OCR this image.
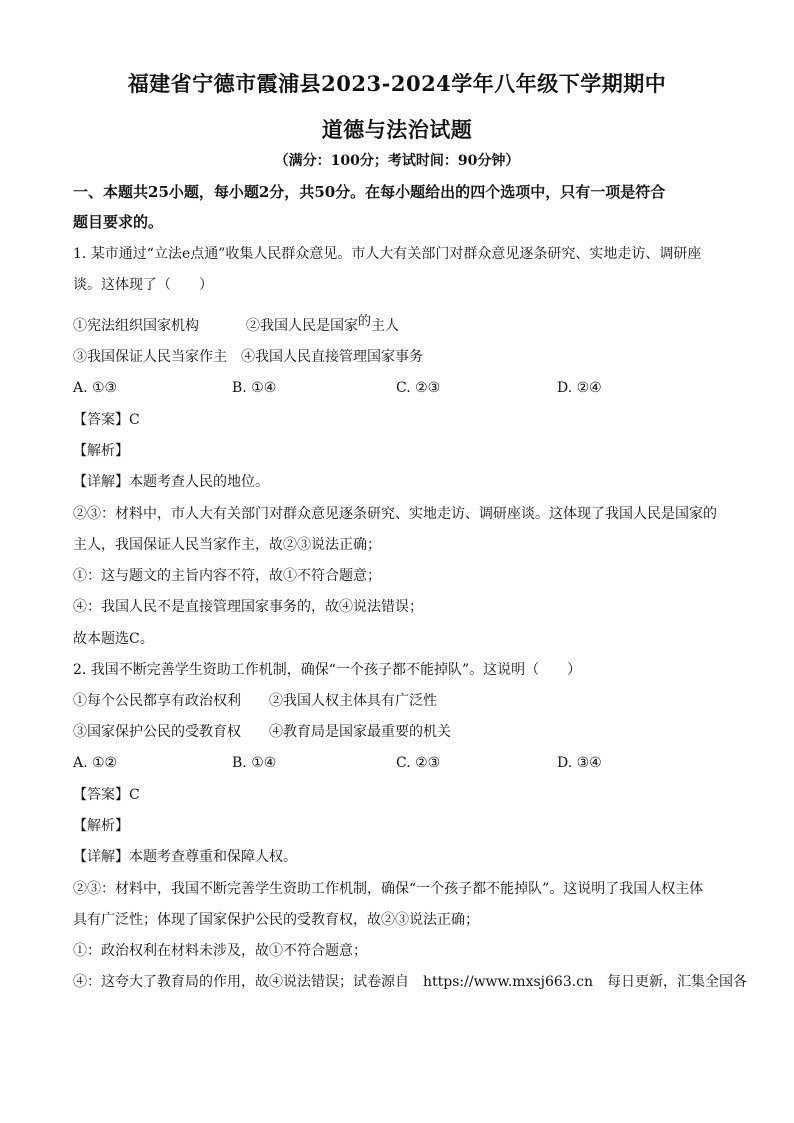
福建省宁德市霞浦县2023-2024学年八年级下学期期中
道德与法治试题
（满分：100分；考试时间：90分钟）
一、本题共25小题，每小题2分，共50分。在每小题给出的四个选项中，只有一项是符合
题目要求的。
1. 某市通过“立法e点通”收集人民群众意见。市人大有关部门对群众意见逐条研究、实地走访、调研座
谈。这体现了（　　）
①宪法组织国家机构	②我国人民是国家的主人
③我国保证人民当家作主　④我国人民直接管理国家事务
A. ①③	B. ①④	C. ②③	D. ②④
【答案】C
【解析】
【详解】本题考查人民的地位。
②③：材料中，市人大有关部门对群众意见逐条研究、实地走访、调研座谈。这体现了我国人民是国家的
主人，我国保证人民当家作主，故②③说法正确；
①：这与题文的主旨内容不符，故①不符合题意；
④：我国人民不是直接管理国家事务的，故④说法错误；
故本题选C。
2. 我国不断完善学生资助工作机制，确保“一个孩子都不能掉队”。这说明（　　）
①每个公民都享有政治权利　　②我国人权主体具有广泛性
③国家保护公民的受教育权　　④教育局是国家最重要的机关
A. ①②	B. ①④	C. ②③	D. ③④
【答案】C
【解析】
【详解】本题考查尊重和保障人权。
②③：材料中，我国不断完善学生资助工作机制，确保“一个孩子都不能掉队”。这说明了我国人权主体
具有广泛性；体现了国家保护公民的受教育权，故②③说法正确；
①：政治权利在材料未涉及，故①不符合题意；
④：这夸大了教育局的作用，故④说法错误；试卷源自　https://www.mxsj663.cn　每日更新，汇集全国各
